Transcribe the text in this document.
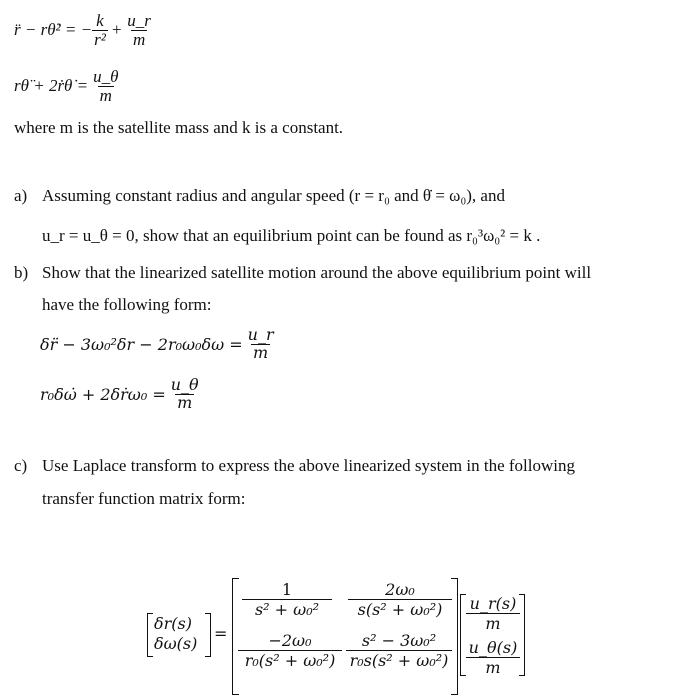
r̈ − rθ̇² = − $\frac{k}{\text{r²}} + \frac{u\_r}{m}$
rθ̈ + 2ṙθ̇ = $\frac{u\_\theta}{m}$
where m is the satellite mass and k is a constant.
a) Assuming constant radius and angular speed (r = r₀ and θ̇ = ω₀), and
u_r = u_θ = 0, show that an equilibrium point can be found as r₀³ω₀² = k .
b) Show that the linearized satellite motion around the above equilibrium point will
have the following form:
δr̈ − $3\omega_0^2\delta r - 2r_0\omega_0\delta\omega = \frac{u\_r}{m}$
r₀δω̇ + 2δṙω₀ = $\frac{u\_\theta}{m}$
c) Use Laplace transform to express the above linearized system in the following
transfer function matrix form:
δr(s)
δω(s)
=
$\frac{1}{\text{s² + ω₀²}} \frac{\text{2ω₀}}{\text{s(s² + ω₀²)}}$
$\frac{\text{−2ω₀}}{\text{r₀(s² + ω₀²)}} \frac{\text{s² − 3ω₀²}}{\text{r₀s(s² + ω₀²)}}$
$\frac{u\_r(s)}{m}$
$\frac{u\_\theta(s)}{m}$
